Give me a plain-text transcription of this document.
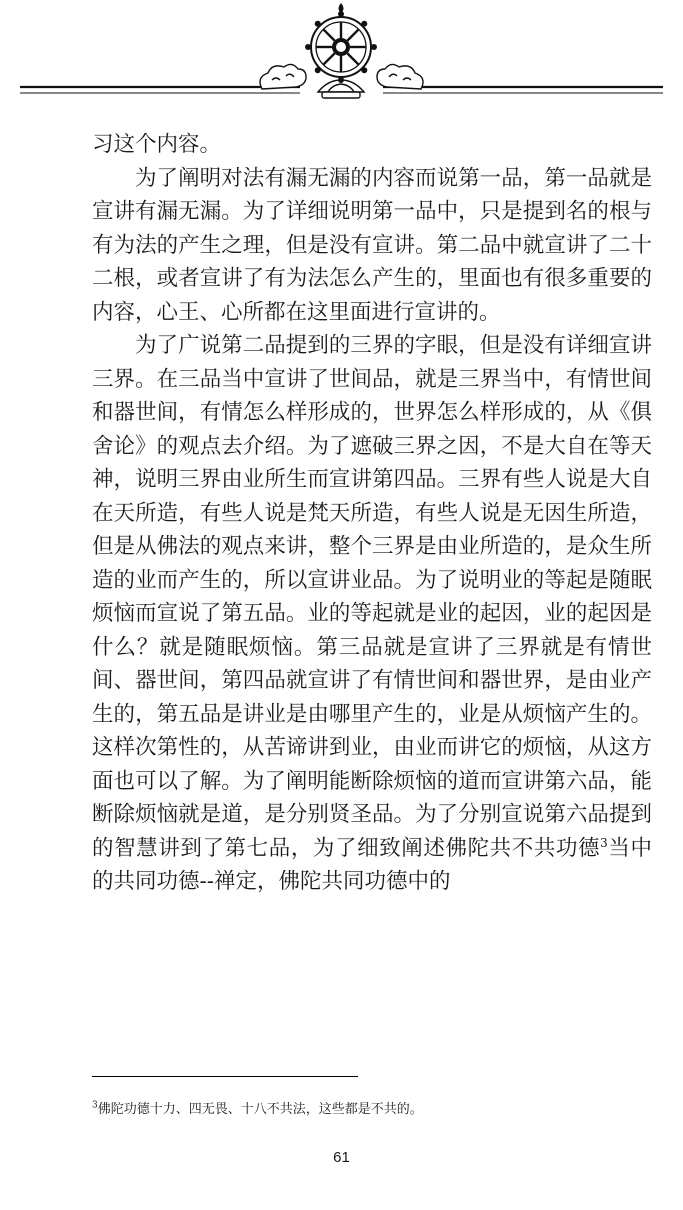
习这个内容。

为了阐明对法有漏无漏的内容而说第一品，第一品就是宣讲有漏无漏。为了详细说明第一品中，只是提到名的根与有为法的产生之理，但是没有宣讲。第二品中就宣讲了二十二根，或者宣讲了有为法怎么产生的，里面也有很多重要的内容，心王、心所都在这里面进行宣讲的。

为了广说第二品提到的三界的字眼，但是没有详细宣讲三界。在三品当中宣讲了世间品，就是三界当中，有情世间和器世间，有情怎么样形成的，世界怎么样形成的，从《俱舍论》的观点去介绍。为了遮破三界之因，不是大自在等天神，说明三界由业所生而宣讲第四品。三界有些人说是大自在天所造，有些人说是梵天所造，有些人说是无因生所造，但是从佛法的观点来讲，整个三界是由业所造的，是众生所造的业而产生的，所以宣讲业品。为了说明业的等起是随眠烦恼而宣说了第五品。业的等起就是业的起因，业的起因是什么？就是随眠烦恼。第三品就是宣讲了三界就是有情世间、器世间，第四品就宣讲了有情世间和器世界，是由业产生的，第五品是讲业是由哪里产生的，业是从烦恼产生的。这样次第性的，从苦谛讲到业，由业而讲它的烦恼，从这方面也可以了解。为了阐明能断除烦恼的道而宣讲第六品，能断除烦恼就是道，是分别贤圣品。为了分别宣说第六品提到的智慧讲到了第七品，为了细致阐述佛陀共不共功德$^3$当中的共同功德--禅定，佛陀共同功德中的

$^3$佛陀功德十力、四无畏、十八不共法，这些都是不共的。
61
